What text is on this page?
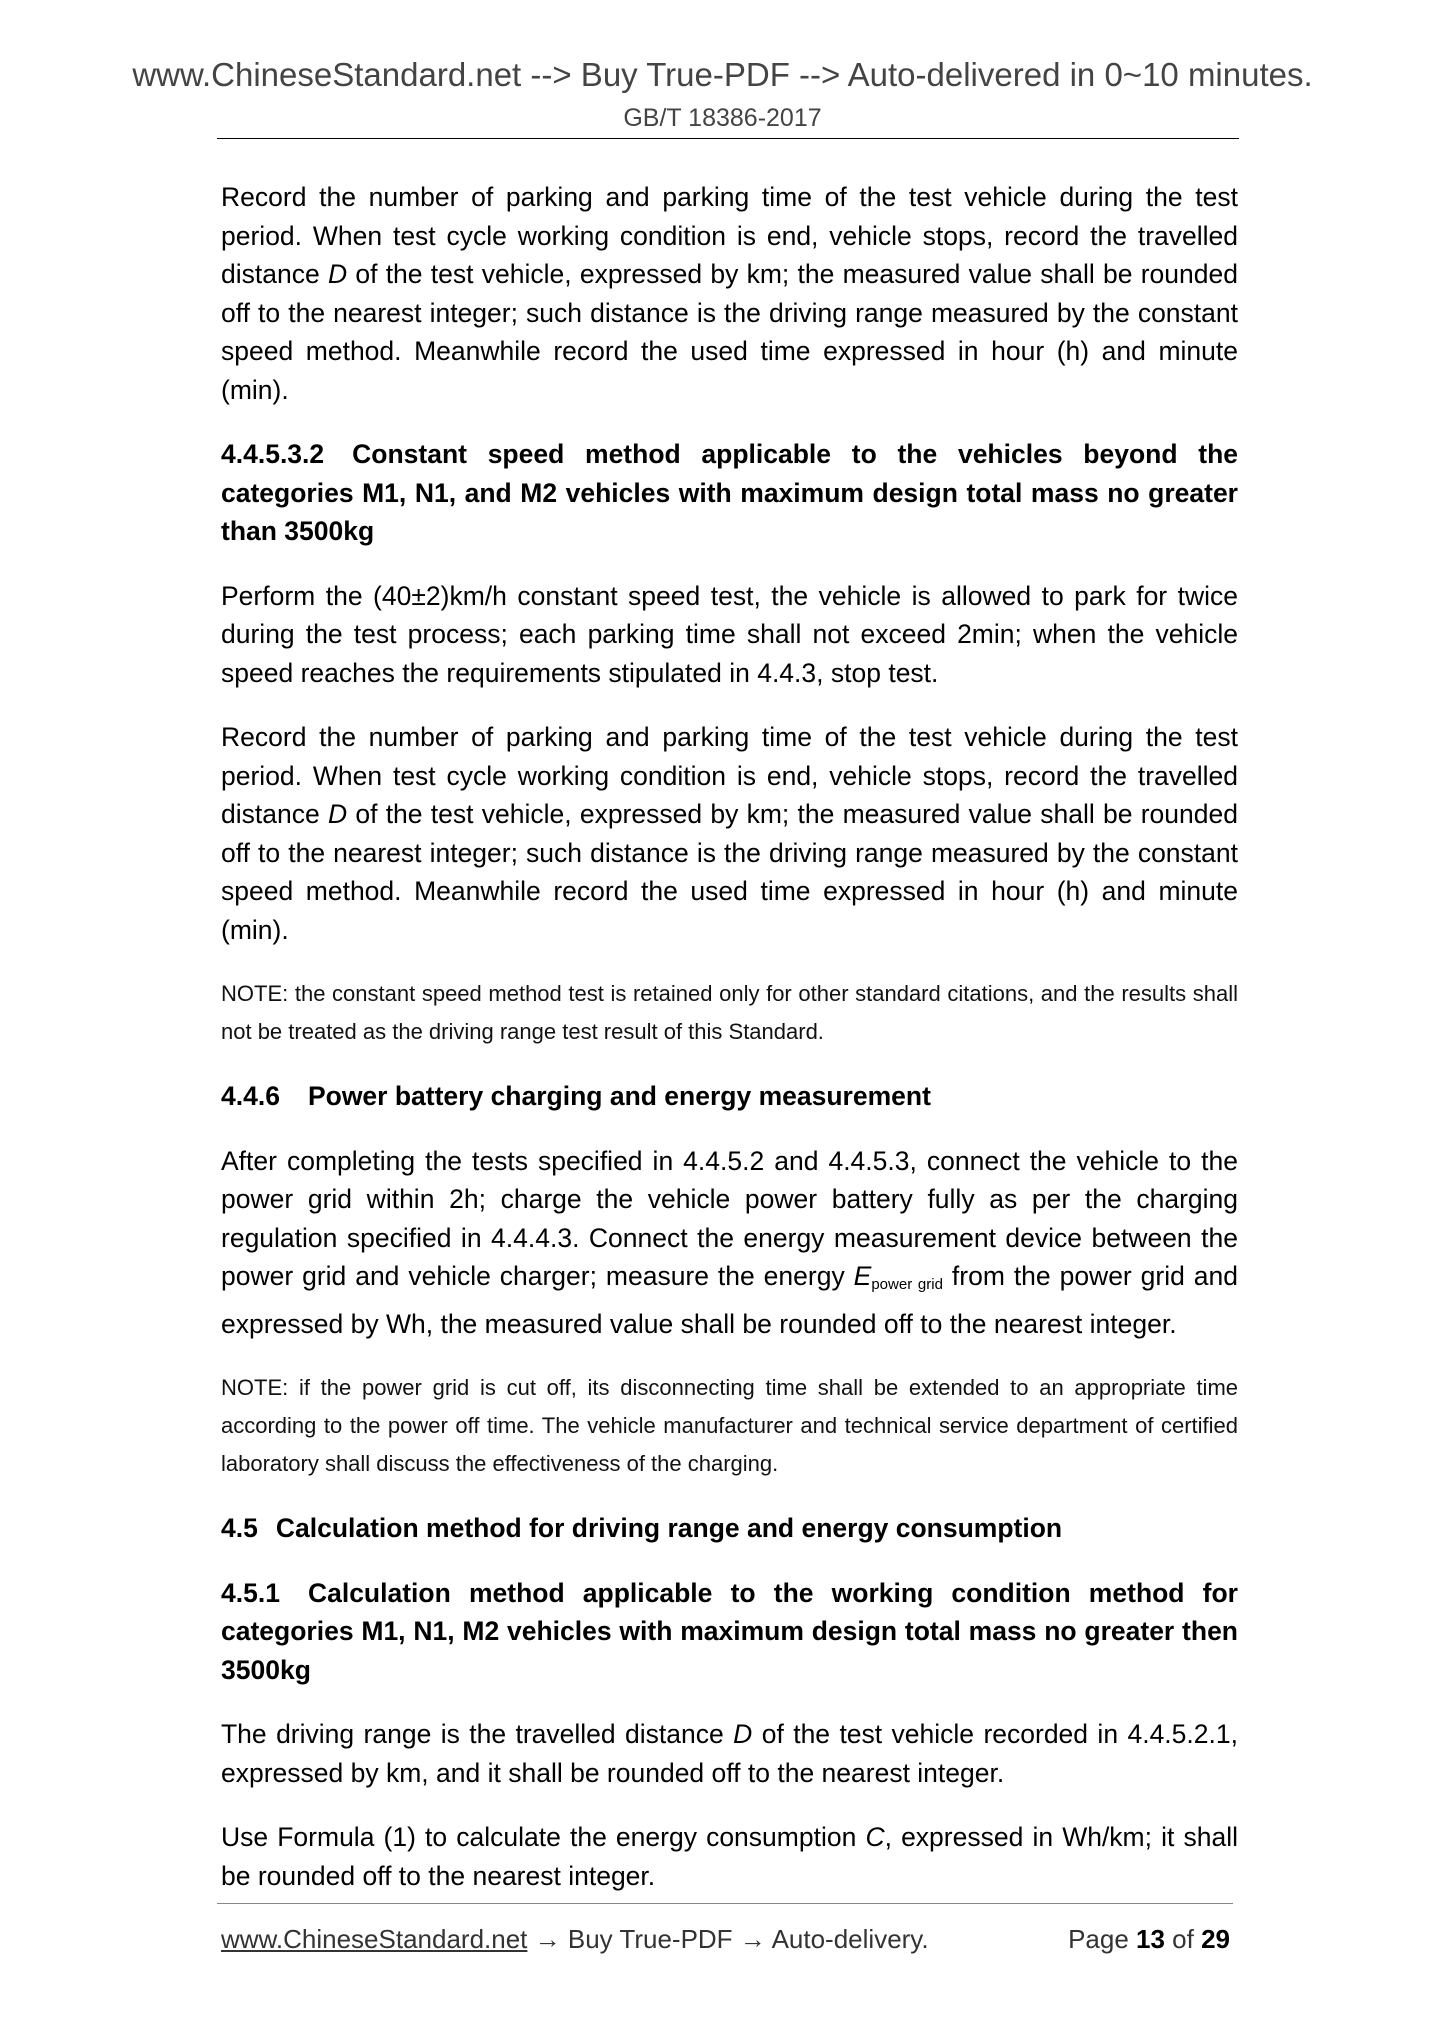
www.ChineseStandard.net --> Buy True-PDF --> Auto-delivered in 0~10 minutes.
GB/T 18386-2017

Record the number of parking and parking time of the test vehicle during the test period. When test cycle working condition is end, vehicle stops, record the travelled distance D of the test vehicle, expressed by km; the measured value shall be rounded off to the nearest integer; such distance is the driving range measured by the constant speed method. Meanwhile record the used time expressed in hour (h) and minute (min).

4.4.5.3.2 Constant speed method applicable to the vehicles beyond the categories M1, N1, and M2 vehicles with maximum design total mass no greater than 3500kg

Perform the (40±2)km/h constant speed test, the vehicle is allowed to park for twice during the test process; each parking time shall not exceed 2min; when the vehicle speed reaches the requirements stipulated in 4.4.3, stop test.

Record the number of parking and parking time of the test vehicle during the test period. When test cycle working condition is end, vehicle stops, record the travelled distance D of the test vehicle, expressed by km; the measured value shall be rounded off to the nearest integer; such distance is the driving range measured by the constant speed method. Meanwhile record the used time expressed in hour (h) and minute (min).

NOTE: the constant speed method test is retained only for other standard citations, and the results shall not be treated as the driving range test result of this Standard.

4.4.6 Power battery charging and energy measurement

After completing the tests specified in 4.4.5.2 and 4.4.5.3, connect the vehicle to the power grid within 2h; charge the vehicle power battery fully as per the charging regulation specified in 4.4.4.3. Connect the energy measurement device between the power grid and vehicle charger; measure the energy $E_{power grid}$ from the power grid and expressed by Wh, the measured value shall be rounded off to the nearest integer.

NOTE: if the power grid is cut off, its disconnecting time shall be extended to an appropriate time according to the power off time. The vehicle manufacturer and technical service department of certified laboratory shall discuss the effectiveness of the charging.

4.5 Calculation method for driving range and energy consumption
4.5.1 Calculation method applicable to the working condition method for categories M1, N1, M2 vehicles with maximum design total mass no greater then 3500kg

The driving range is the travelled distance D of the test vehicle recorded in 4.4.5.2.1, expressed by km, and it shall be rounded off to the nearest integer.

Use Formula (1) to calculate the energy consumption C, expressed in Wh/km; it shall be rounded off to the nearest integer.

www.ChineseStandard.net → Buy True-PDF → Auto-delivery.	Page 13 of 29
